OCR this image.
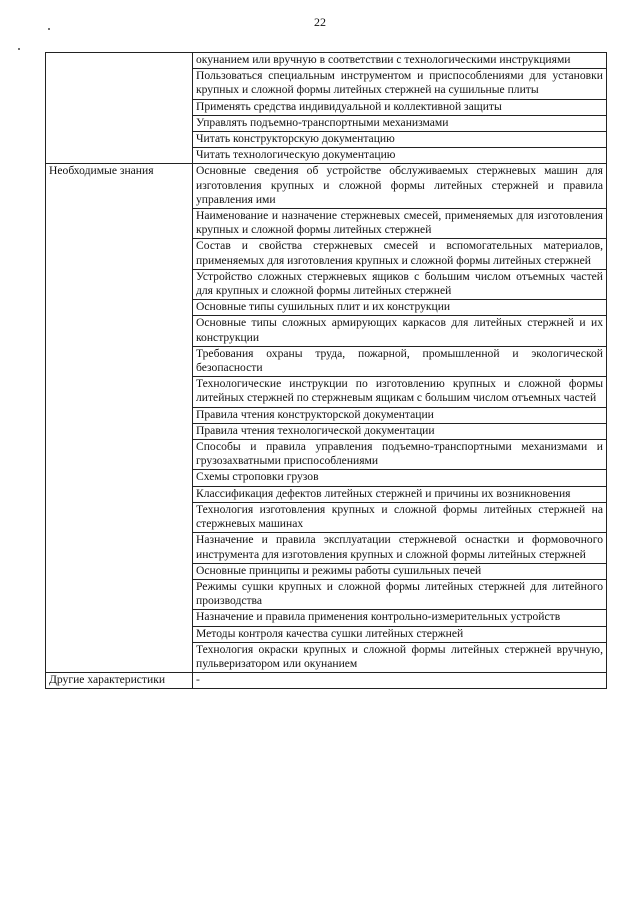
22
	окунанием или вручную в соответствии с технологическими инструкциями
	Пользоваться специальным инструментом и приспособлениями для установки крупных и сложной формы литейных стержней на сушильные плиты
	Применять средства индивидуальной и коллективной защиты
	Управлять подъемно-транспортными механизмами
	Читать конструкторскую документацию
	Читать технологическую документацию
Необходимые знания	Основные сведения об устройстве обслуживаемых стержневых машин для изготовления крупных и сложной формы литейных стержней и правила управления ими
	Наименование и назначение стержневых смесей, применяемых для изготовления крупных и сложной формы литейных стержней
	Состав и свойства стержневых смесей и вспомогательных материалов, применяемых для изготовления крупных и сложной формы литейных стержней
	Устройство сложных стержневых ящиков с большим числом отъемных частей для крупных и сложной формы литейных стержней
	Основные типы сушильных плит и их конструкции
	Основные типы сложных армирующих каркасов для литейных стержней и их конструкции
	Требования охраны труда, пожарной, промышленной и экологической безопасности
	Технологические инструкции по изготовлению крупных и сложной формы литейных стержней по стержневым ящикам с большим числом отъемных частей
	Правила чтения конструкторской документации
	Правила чтения технологической документации
	Способы и правила управления подъемно-транспортными механизмами и грузозахватными приспособлениями
	Схемы строповки грузов
	Классификация дефектов литейных стержней и причины их возникновения
	Технология изготовления крупных и сложной формы литейных стержней на стержневых машинах
	Назначение и правила эксплуатации стержневой оснастки и формовочного инструмента для изготовления крупных и сложной формы литейных стержней
	Основные принципы и режимы работы сушильных печей
	Режимы сушки крупных и сложной формы литейных стержней для литейного производства
	Назначение и правила применения контрольно-измерительных устройств
	Методы контроля качества сушки литейных стержней
	Технология окраски крупных и сложной формы литейных стержней вручную, пульверизатором или окунанием
Другие характеристики	-
